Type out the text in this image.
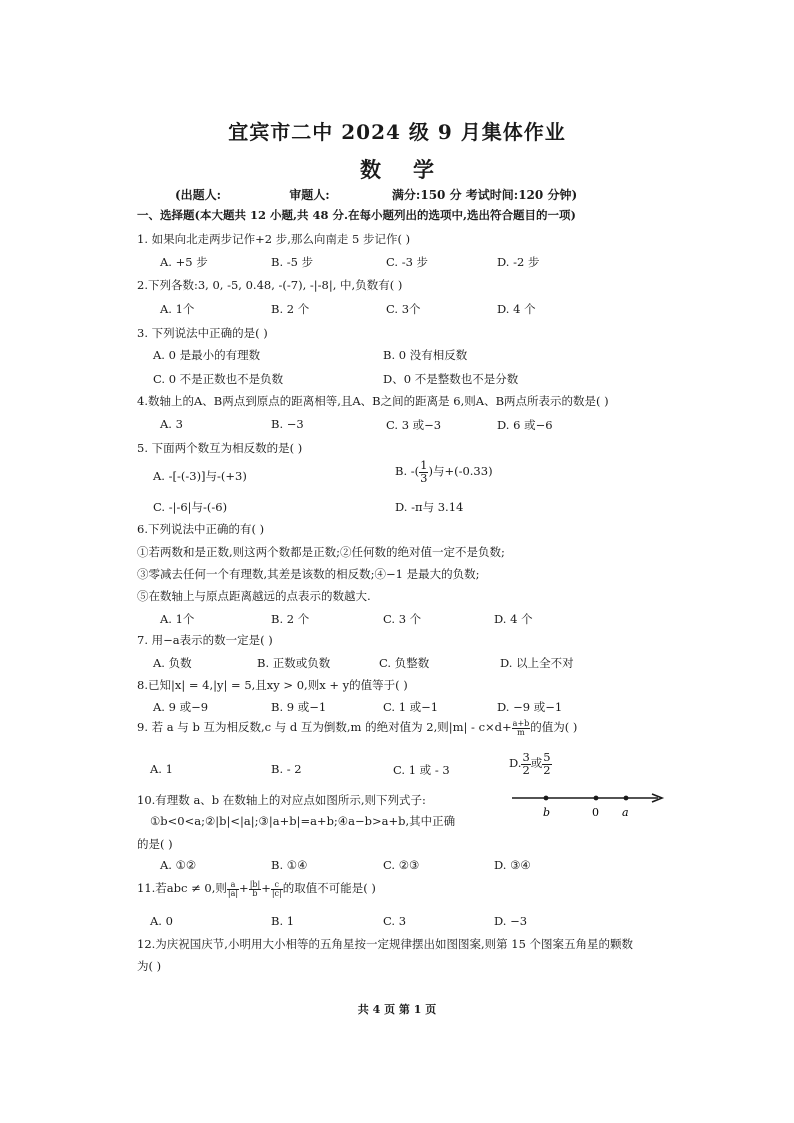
宜宾市二中 2024 级 9 月集体作业
数学
(出题人:	审题人:	满分:150 分 考试时间:120 分钟)
一、选择题(本大题共 12 小题,共 48 分.在每小题列出的选项中,选出符合题目的一项)
1. 如果向北走两步记作+2 步,那么向南走 5 步记作( )
A. +5 步	B. -5 步	C. -3 步	D. -2 步
2.下列各数:3, 0, -5, 0.48, -(-7), -|-8|, 中,负数有( )
A. 1个	B. 2 个	C. 3个	D. 4 个
3. 下列说法中正确的是( )
A. 0 是最小的有理数	B. 0 没有相反数
C. 0 不是正数也不是负数	D、0 不是整数也不是分数
4.数轴上的A、B两点到原点的距离相等,且A、B之间的距离是 6,则A、B两点所表示的数是( )
A. 3	B. −3	C. 3 或−3	D. 6 或−6
5. 下面两个数互为相反数的是( )
A. -[-(-3)]与-(+3)	B. -( $\frac{1}{3}$ )与+(-0.33)
C. -|-6|与-(-6)	D. -π与 3.14
6.下列说法中正确的有( )
①若两数和是正数,则这两个数都是正数;②任何数的绝对值一定不是负数;
③零减去任何一个有理数,其差是该数的相反数;④−1 是最大的负数;
⑤在数轴上与原点距离越远的点表示的数越大.
A. 1个	B. 2 个	C. 3 个	D. 4 个
7. 用−a表示的数一定是( )
A. 负数	B. 正数或负数	C. 负整数	D. 以上全不对
8.已知|x| = 4,|y| = 5,且xy > 0,则x + y的值等于( )
A. 9 或−9	B. 9 或−1	C. 1 或−1	D. −9 或−1
9. 若 a 与 b 互为相反数,c 与 d 互为倒数,m 的绝对值为 2,则$|m| - c\times d+ \frac{a+b}{m}$ 的值为( )
A. 1	B. - 2	C. 1 或 - 3	D. $\frac{3}{2}$ 或 $\frac{5}{2}$
10.有理数 a、b 在数轴上的对应点如图所示,则下列式子:
①b<0<a;②|b|<|a|;③|a+b|=a+b;④a−b>a+b,其中正确
的是( )
b	0 a
A. ①②	B. ①④	C. ②③	D. ③④
11.若abc ≠ 0,则 $\frac{a}{|a|} + \frac{|b|}{b} + \frac{c}{|c|}$ 的取值不可能是( )
A. 0	B. 1	C. 3	D. −3
12.为庆祝国庆节,小明用大小相等的五角星按一定规律摆出如图图案,则第 15 个图案五角星的颗数
为( )
共 4 页 第 1 页
